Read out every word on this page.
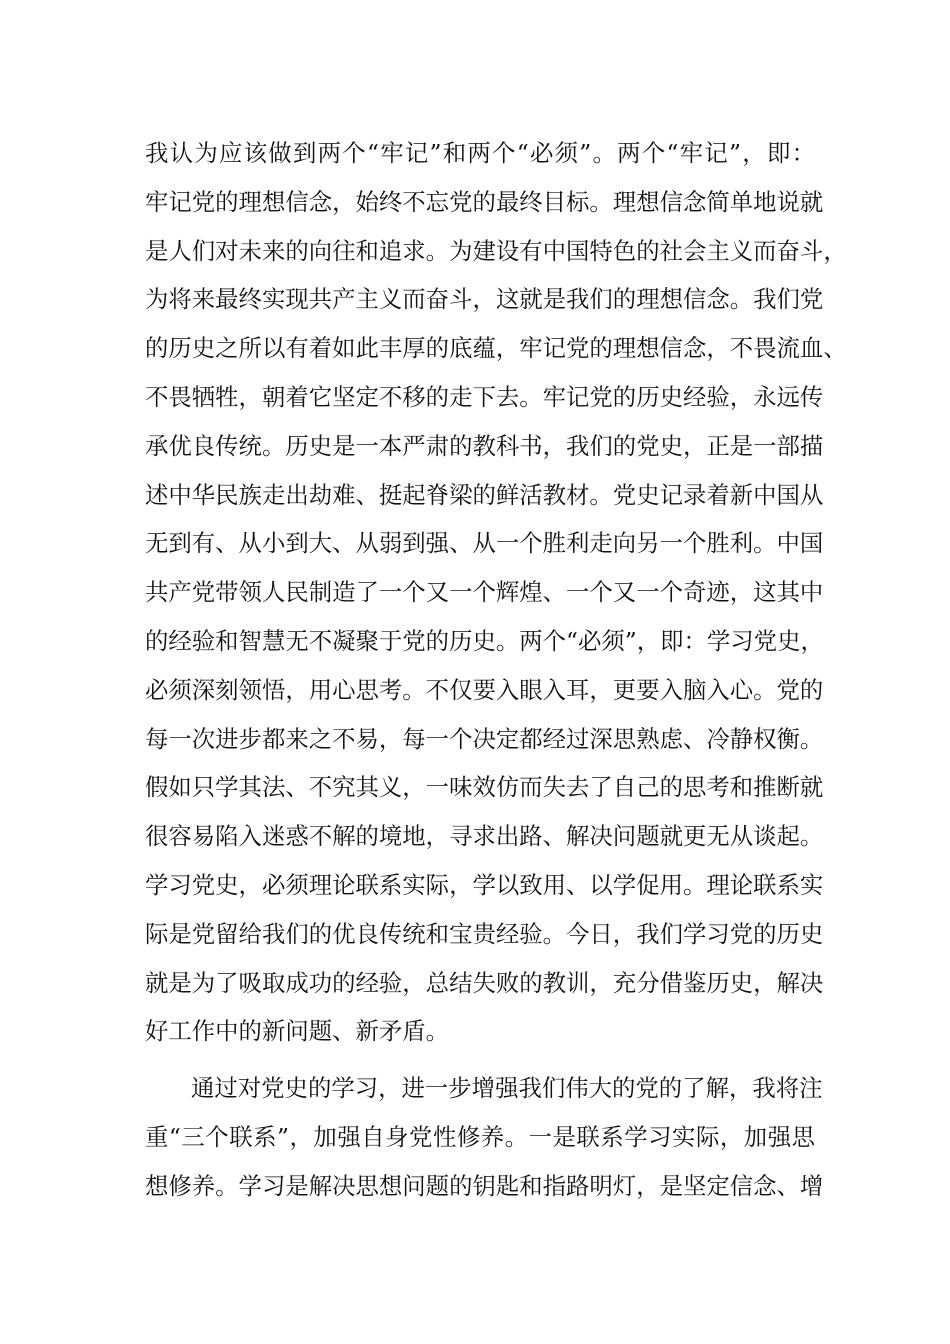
我认为应该做到两个“牢记”和两个“必须”。两个“牢记”，即：
牢记党的理想信念，始终不忘党的最终目标。理想信念简单地说就
是人们对未来的向往和追求。为建设有中国特色的社会主义而奋斗，
为将来最终实现共产主义而奋斗，这就是我们的理想信念。我们党
的历史之所以有着如此丰厚的底蕴，牢记党的理想信念，不畏流血、
不畏牺牲，朝着它坚定不移的走下去。牢记党的历史经验，永远传
承优良传统。历史是一本严肃的教科书，我们的党史，正是一部描
述中华民族走出劫难、挺起脊梁的鲜活教材。党史记录着新中国从
无到有、从小到大、从弱到强、从一个胜利走向另一个胜利。中国
共产党带领人民制造了一个又一个辉煌、一个又一个奇迹，这其中
的经验和智慧无不凝聚于党的历史。两个“必须”，即：学习党史，
必须深刻领悟，用心思考。不仅要入眼入耳，更要入脑入心。党的
每一次进步都来之不易，每一个决定都经过深思熟虑、冷静权衡。
假如只学其法、不究其义，一味效仿而失去了自己的思考和推断就
很容易陷入迷惑不解的境地，寻求出路、解决问题就更无从谈起。
学习党史，必须理论联系实际，学以致用、以学促用。理论联系实
际是党留给我们的优良传统和宝贵经验。今日，我们学习党的历史
就是为了吸取成功的经验，总结失败的教训，充分借鉴历史，解决
好工作中的新问题、新矛盾。
通过对党史的学习，进一步增强我们伟大的党的了解，我将注
重“三个联系”，加强自身党性修养。一是联系学习实际，加强思
想修养。学习是解决思想问题的钥匙和指路明灯，是坚定信念、增
